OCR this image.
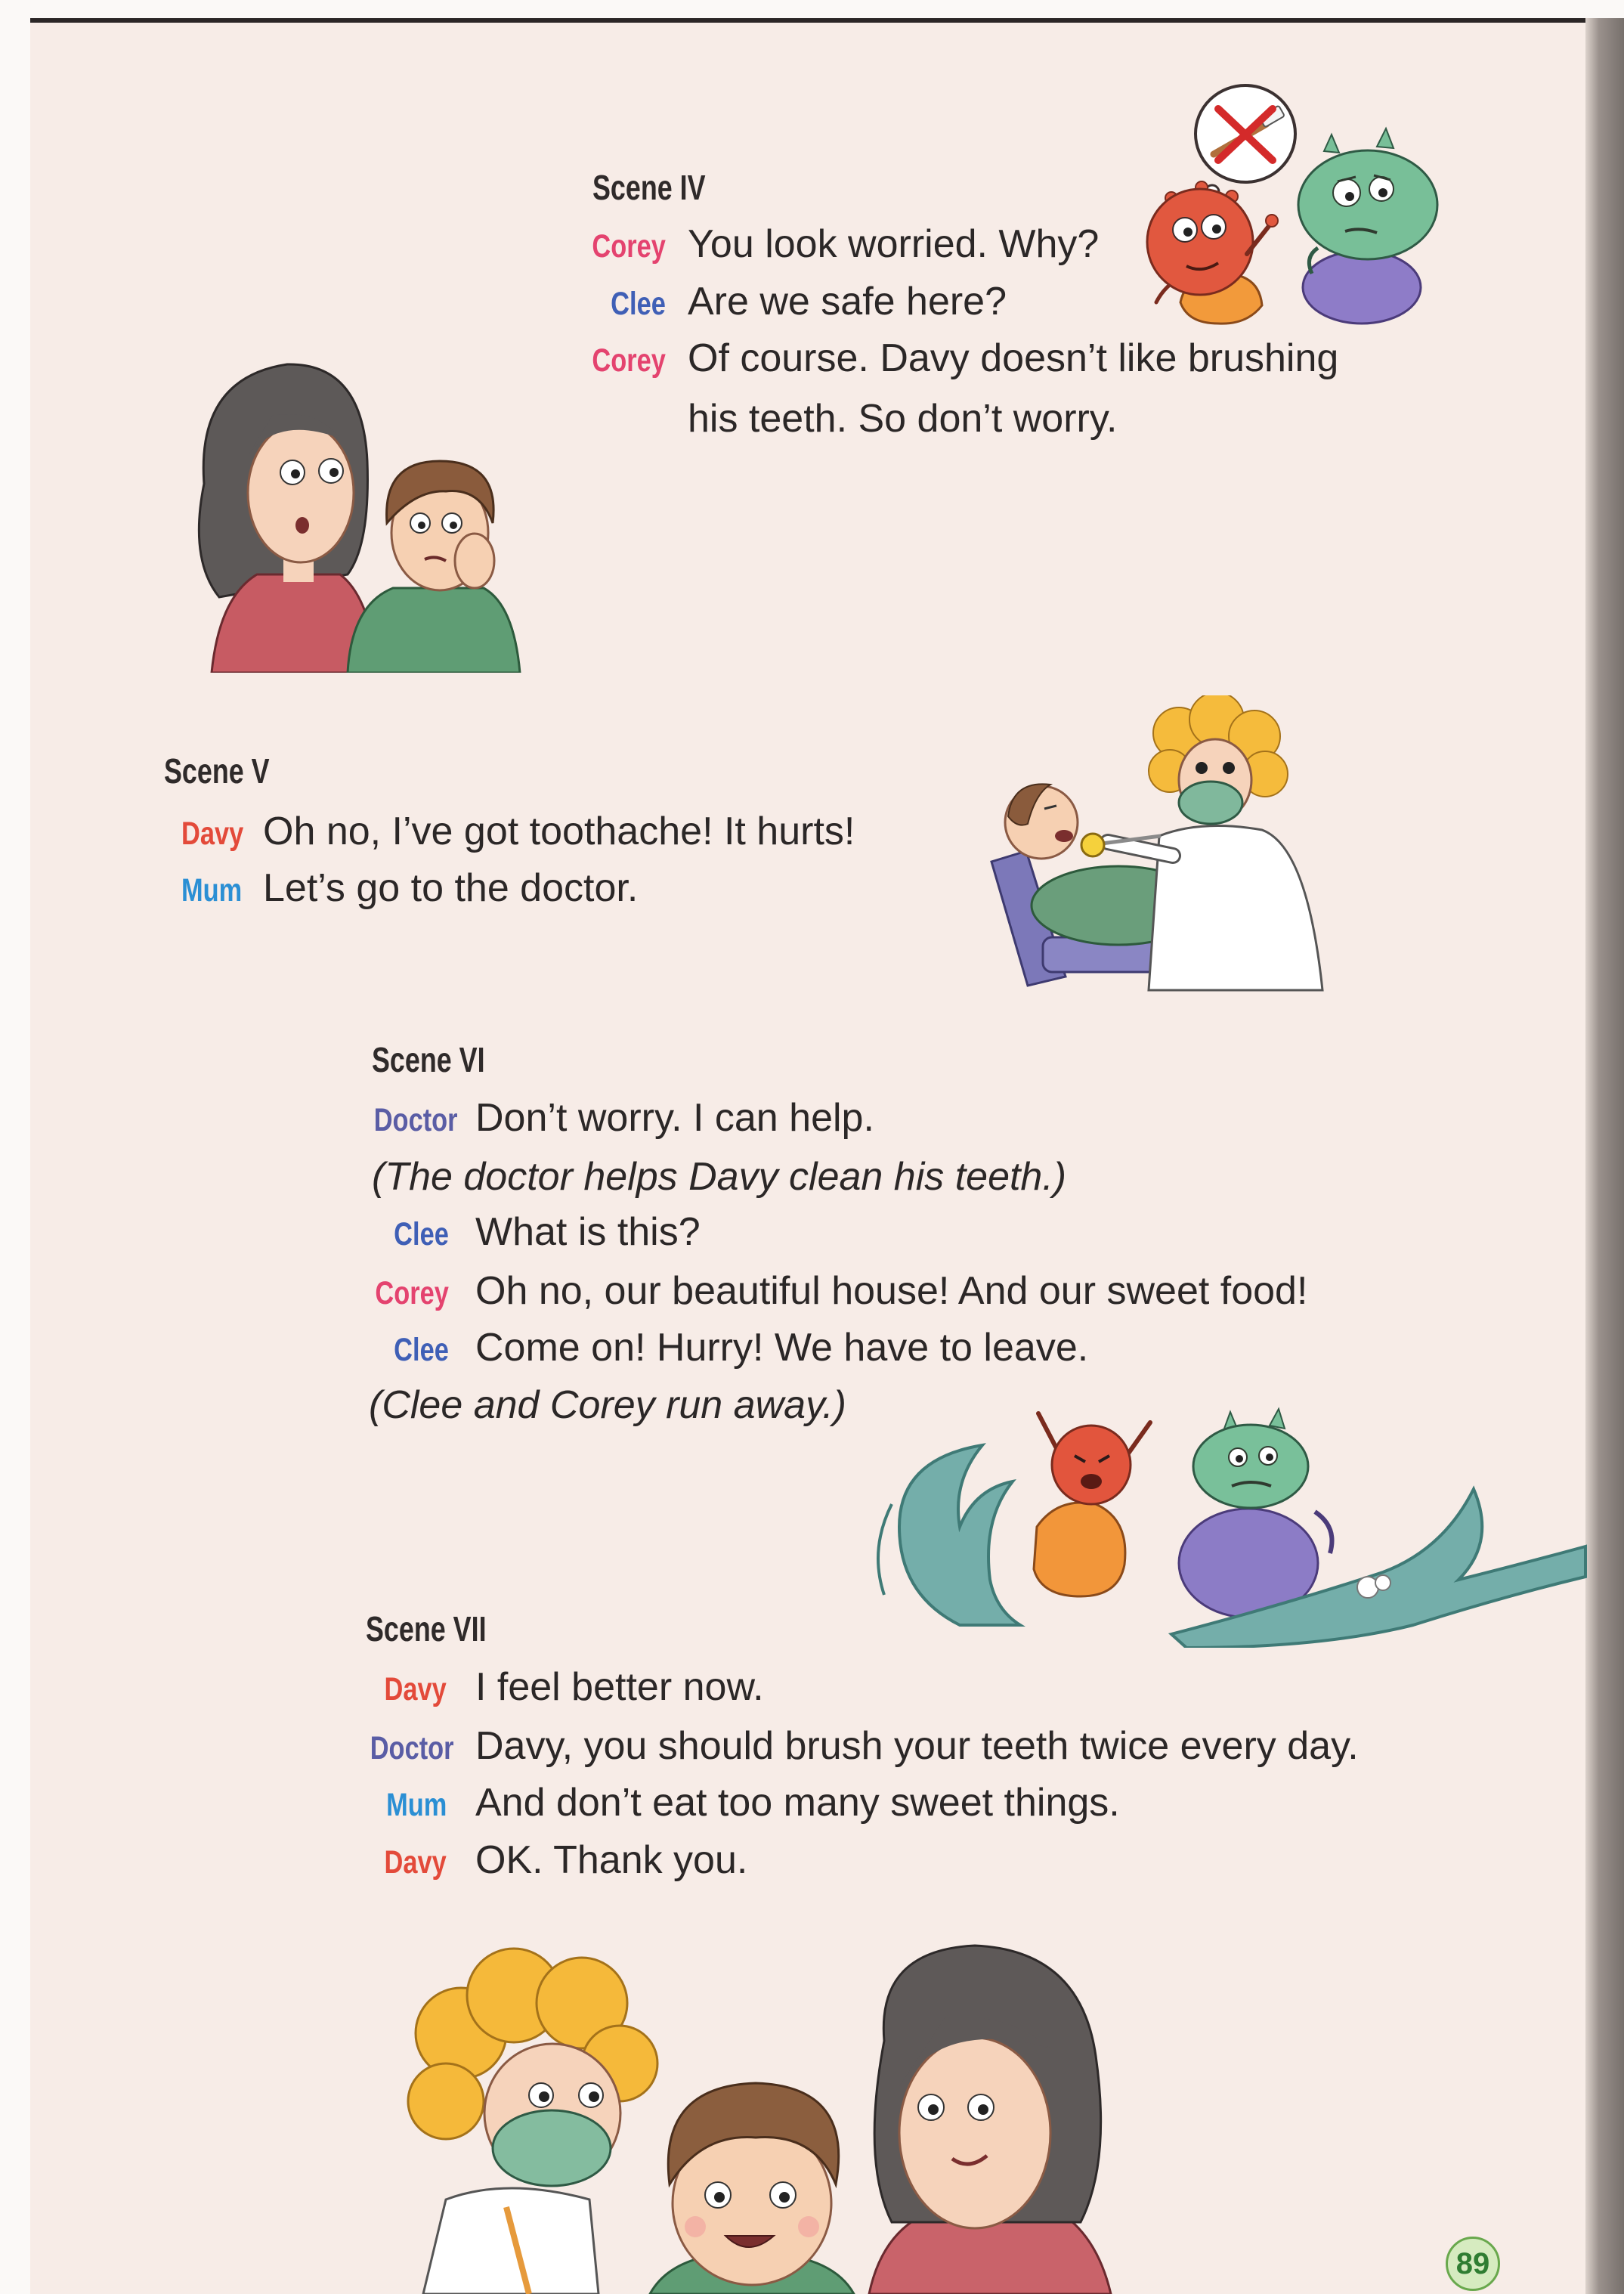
Scene IV
Corey You look worried. Why?
Clee Are we safe here?
Corey Of course. Davy doesn’t like brushing
his teeth. So don’t worry.
Scene V
Davy Oh no, I’ve got toothache! It hurts!
Mum Let’s go to the doctor.
Scene VI
Doctor Don’t worry. I can help.
(The doctor helps Davy clean his teeth.)
Clee What is this?
Corey Oh no, our beautiful house! And our sweet food!
Clee Come on! Hurry! We have to leave.
(Clee and Corey run away.)
Scene VII
Davy I feel better now.
Doctor Davy, you should brush your teeth twice every day.
Mum And don’t eat too many sweet things.
Davy OK. Thank you.
89
